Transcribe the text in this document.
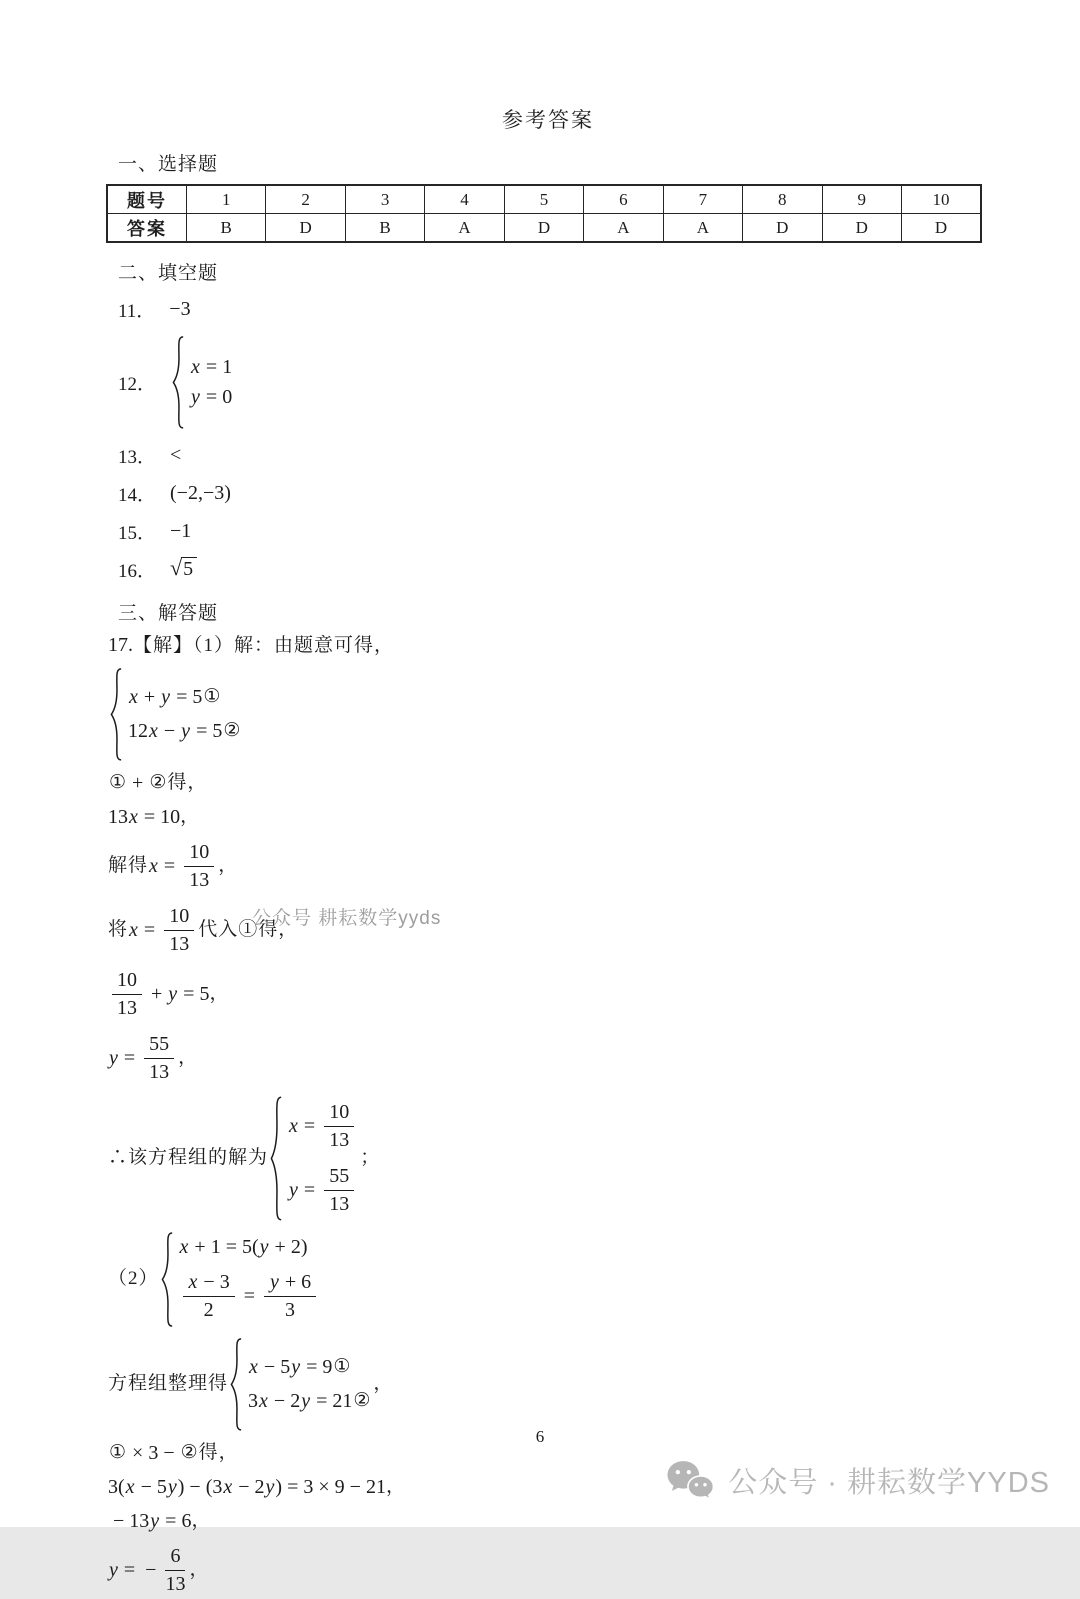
参考答案
一、选择题
题号	1	2	3	4	5	6	7	8	9	10
答案	B	D	B	A	D	A	A	D	D	D
二、填空题
11． −3
12．
x = 1
y = 0
13． <
14． (−2,−3)
15． −1
16． √ 5
三、解答题
17. 【解】（1）解：由题意可得，
x + y = 5 ①
12 x − y = 5 ②
① + ② 得，
13 x = 10 ，
解得 $x = \frac{10}{13}$ ，
将 $x = \frac{10}{13}$ 代入①得，
$\frac{10}{13} + y = 5$ ，
$y = \frac{55}{13}$ ，
∴该方程组的解为
$x = \frac{10}{13}$
$y = \frac{55}{13}$
；
（2）
x + 1 = 5( y + 2)
$\frac{x - 3}{2} = \frac{y + 6}{3}$
方程组整理得
x − 5 y = 9 ①
3 x − 2 y = 21 ②
，
① × 3 − ② 得，
3( x − 5 y ) − (3 x − 2 y ) = 3 × 9 − 21 ，
− 13 y = 6 ，
y = − $\frac{6}{13}$ ，
公众号 耕耘数学yyds
6
公众号 · 耕耘数学YYDS
